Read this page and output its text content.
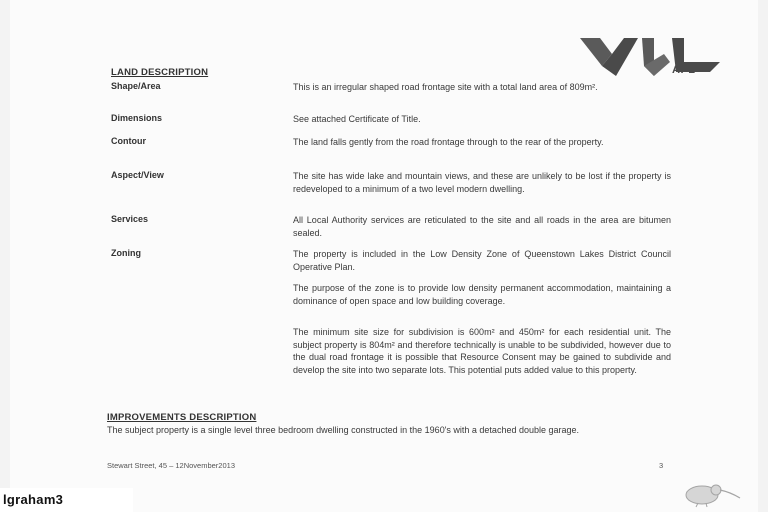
APL
LAND DESCRIPTION
Shape/Area	This is an irregular shaped road frontage site with a total land area of 809m².
Dimensions	See attached Certificate of Title.
Contour	The land falls gently from the road frontage through to the rear of the property.
Aspect/View	The site has wide lake and mountain views, and these are unlikely to be lost if the property is redeveloped to a minimum of a two level modern dwelling.
Services	All Local Authority services are reticulated to the site and all roads in the area are bitumen sealed.
Zoning	The property is included in the Low Density Zone of Queenstown Lakes District Council Operative Plan.
The purpose of the zone is to provide low density permanent accommodation, maintaining a dominance of open space and low building coverage.
The minimum site size for subdivision is 600m² and 450m² for each residential unit. The subject property is 804m² and therefore technically is unable to be subdivided, however due to the dual road frontage it is possible that Resource Consent may be gained to subdivide and develop the site into two separate lots. This potential puts added value to this property.
IMPROVEMENTS DESCRIPTION
The subject property is a single level three bedroom dwelling constructed in the 1960's with a detached double garage.
Stewart Street, 45 – 12November2013	3
lgraham3
